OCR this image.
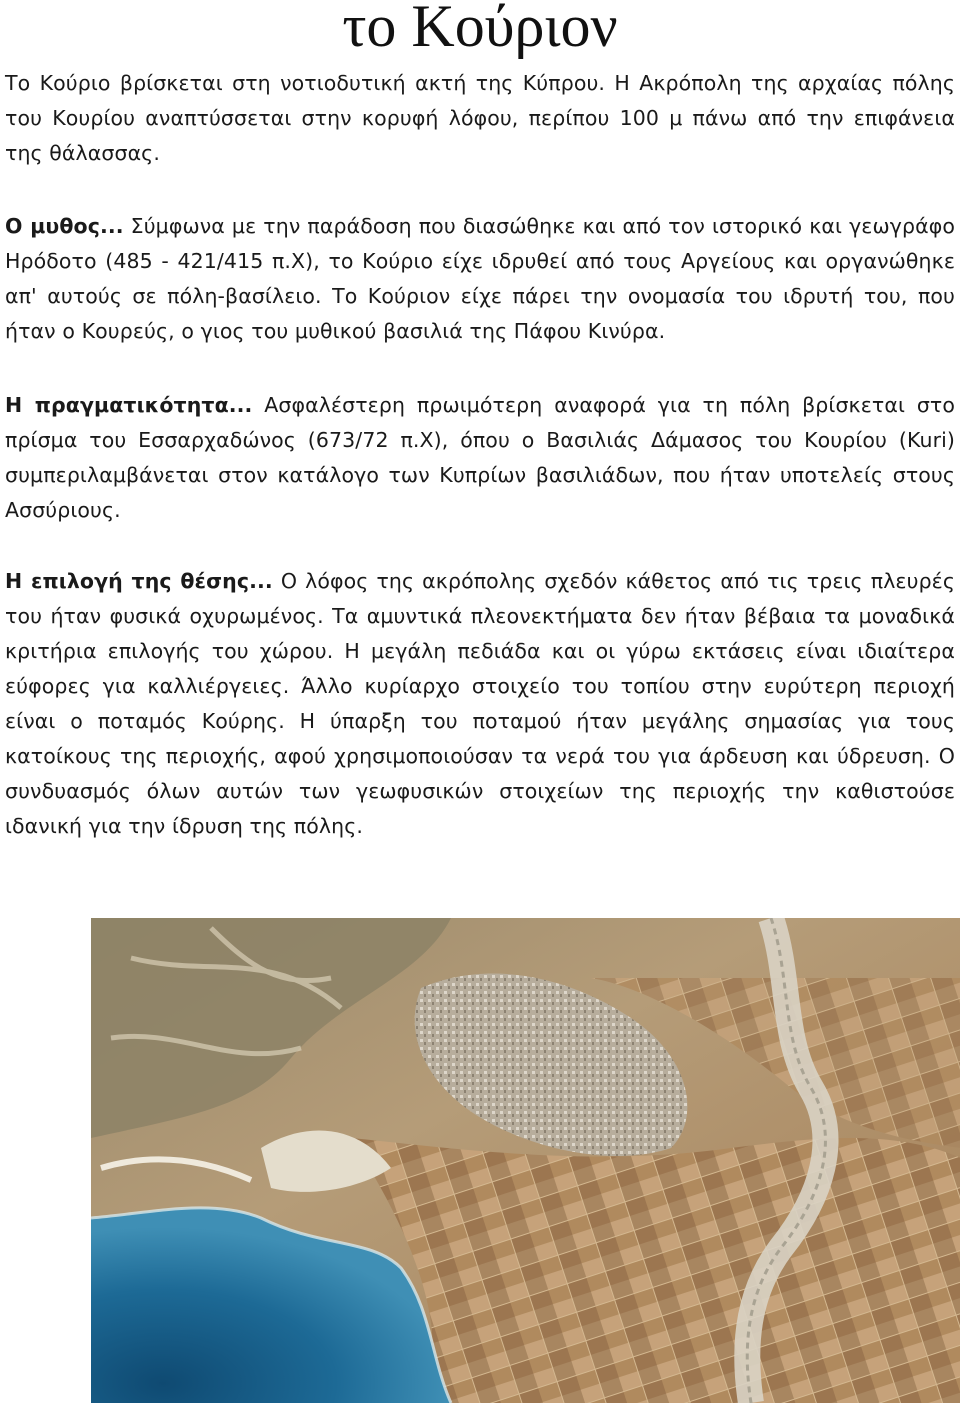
το Κούριον

Το Κούριο βρίσκεται στη νοτιοδυτική ακτή της Κύπρου. Η Ακρόπολη της αρχαίας πόλης του Κουρίου αναπτύσσεται στην κορυφή λόφου, περίπου 100 μ πάνω από την επιφάνεια της θάλασσας.

Ο μυθος... Σύμφωνα με την παράδοση που διασώθηκε και από τον ιστορικό και γεωγράφο Ηρόδοτο (485 - 421/415 π.Χ), το Κούριο είχε ιδρυθεί από τους Αργείους και οργανώθηκε απ' αυτούς σε πόλη-βασίλειο. Το Κούριον είχε πάρει την ονομασία του ιδρυτή του, που ήταν ο Κουρεύς, ο γιος του μυθικού βασιλιά της Πάφου Κινύρα.

Η πραγματικότητα... Ασφαλέστερη πρωιμότερη αναφορά για τη πόλη βρίσκεται στο πρίσμα του Εσσαρχαδώνος (673/72 π.Χ), όπου ο Βασιλιάς Δάμασος του Κουρίου (Kuri) συμπεριλαμβάνεται στον κατάλογο των Κυπρίων βασιλιάδων, που ήταν υποτελείς στους Ασσύριους.

Η επιλογή της θέσης... Ο λόφος της ακρόπολης σχεδόν κάθετος από τις τρεις πλευρές του ήταν φυσικά οχυρωμένος. Τα αμυντικά πλεονεκτήματα δεν ήταν βέβαια τα μοναδικά κριτήρια επιλογής του χώρου. Η μεγάλη πεδιάδα και οι γύρω εκτάσεις είναι ιδιαίτερα εύφορες για καλλιέργειες. Άλλο κυρίαρχο στοιχείο του τοπίου στην ευρύτερη περιοχή είναι ο ποταμός Κούρης. Η ύπαρξη του ποταμού ήταν μεγάλης σημασίας για τους κατοίκους της περιοχής, αφού χρησιμοποιούσαν τα νερά του για άρδευση και ύδρευση. Ο συνδυασμός όλων αυτών των γεωφυσικών στοιχείων της περιοχής την καθιστούσε ιδανική για την ίδρυση της πόλης.
